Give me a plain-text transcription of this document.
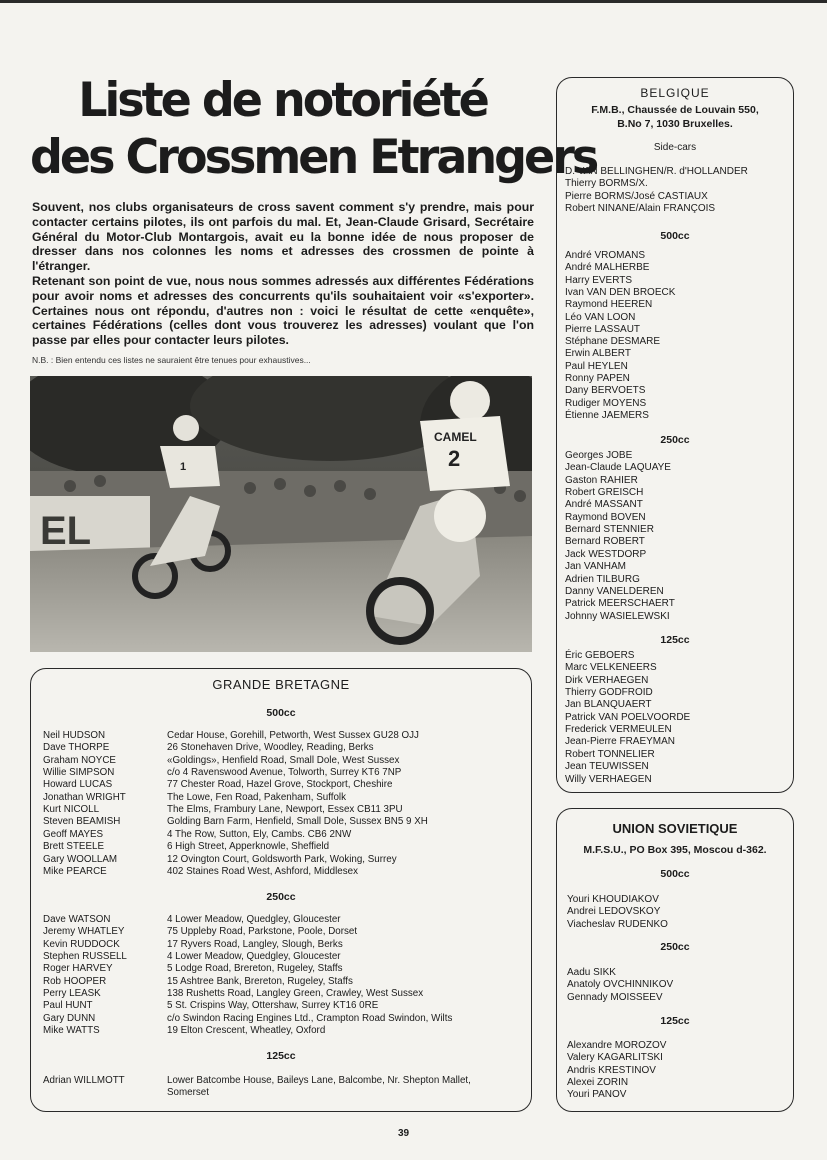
Liste de notoriété
des Crossmen Etrangers

Souvent, nos clubs organisateurs de cross savent comment s'y prendre, mais pour contacter certains pilotes, ils ont parfois du mal. Et, Jean-Claude Grisard, Secrétaire Général du Motor-Club Montargois, avait eu la bonne idée de nous proposer de dresser dans nos colonnes les noms et adresses des crossmen de pointe à l'étranger.

Retenant son point de vue, nous nous sommes adressés aux différentes Fédérations pour avoir noms et adresses des concurrents qu'ils souhaitaient voir «s'exporter». Certaines nous ont répondu, d'autres non : voici le résultat de cette «enquête», certaines Fédérations (celles dont vous trouverez les adresses) voulant que l'on passe par elles pour contacter leurs pilotes.

N.B. : Bien entendu ces listes ne sauraient être tenues pour exhaustives...
EL
1
CAMEL
2
GRANDE BRETAGNE
500cc
Neil HUDSON	Cedar House, Gorehill, Petworth, West Sussex GU28 OJJ
Dave THORPE	26 Stonehaven Drive, Woodley, Reading, Berks
Graham NOYCE	«Goldings», Henfield Road, Small Dole, West Sussex
Willie SIMPSON	c/o 4 Ravenswood Avenue, Tolworth, Surrey KT6 7NP
Howard LUCAS	77 Chester Road, Hazel Grove, Stockport, Cheshire
Jonathan WRIGHT	The Lowe, Fen Road, Pakenham, Suffolk
Kurt NICOLL	The Elms, Frambury Lane, Newport, Essex CB11 3PU
Steven BEAMISH	Golding Barn Farm, Henfield, Small Dole, Sussex BN5 9 XH
Geoff MAYES	4 The Row, Sutton, Ely, Cambs. CB6 2NW
Brett STEELE	6 High Street, Apperknowle, Sheffield
Gary WOOLLAM	12 Ovington Court, Goldsworth Park, Woking, Surrey
Mike PEARCE	402 Staines Road West, Ashford, Middlesex
250cc
Dave WATSON	4 Lower Meadow, Quedgley, Gloucester
Jeremy WHATLEY	75 Uppleby Road, Parkstone, Poole, Dorset
Kevin RUDDOCK	17 Ryvers Road, Langley, Slough, Berks
Stephen RUSSELL	4 Lower Meadow, Quedgley, Gloucester
Roger HARVEY	5 Lodge Road, Brereton, Rugeley, Staffs
Rob HOOPER	15 Ashtree Bank, Brereton, Rugeley, Staffs
Perry LEASK	138 Rushetts Road, Langley Green, Crawley, West Sussex
Paul HUNT	5 St. Crispins Way, Ottershaw, Surrey KT16 0RE
Gary DUNN	c/o Swindon Racing Engines Ltd., Crampton Road Swindon, Wilts
Mike WATTS	19 Elton Crescent, Wheatley, Oxford
125cc
Adrian WILLMOTT	Lower Batcombe House, Baileys Lane, Balcombe, Nr. Shepton Mallet,
Somerset
BELGIQUE
F.M.B., Chaussée de Louvain 550,
B.No 7, 1030 Bruxelles.
Side-cars
D. VAN BELLINGHEN/R. d'HOLLANDER
Thierry BORMS/X.
Pierre BORMS/José CASTIAUX
Robert NINANE/Alain FRANÇOIS
500cc
André VROMANS
André MALHERBE
Harry EVERTS
Ivan VAN DEN BROECK
Raymond HEEREN
Léo VAN LOON
Pierre LASSAUT
Stéphane DESMARE
Erwin ALBERT
Paul HEYLEN
Ronny PAPEN
Dany BERVOETS
Rudiger MOYENS
Étienne JAEMERS
250cc
Georges JOBE
Jean-Claude LAQUAYE
Gaston RAHIER
Robert GREISCH
André MASSANT
Raymond BOVEN
Bernard STENNIER
Bernard ROBERT
Jack WESTDORP
Jan VANHAM
Adrien TILBURG
Danny VANELDEREN
Patrick MEERSCHAERT
Johnny WASIELEWSKI
125cc
Éric GEBOERS
Marc VELKENEERS
Dirk VERHAEGEN
Thierry GODFROID
Jan BLANQUAERT
Patrick VAN POELVOORDE
Frederick VERMEULEN
Jean-Pierre FRAEYMAN
Robert TONNELIER
Jean TEUWISSEN
Willy VERHAEGEN
UNION SOVIETIQUE
M.F.S.U., PO Box 395, Moscou d-362.
500cc
Youri KHOUDIAKOV
Andrei LEDOVSKOY
Viacheslav RUDENKO
250cc
Aadu SIKK
Anatoly OVCHINNIKOV
Gennady MOISSEEV
125cc
Alexandre MOROZOV
Valery KAGARLITSKI
Andris KRESTINOV
Alexei ZORIN
Youri PANOV
39
